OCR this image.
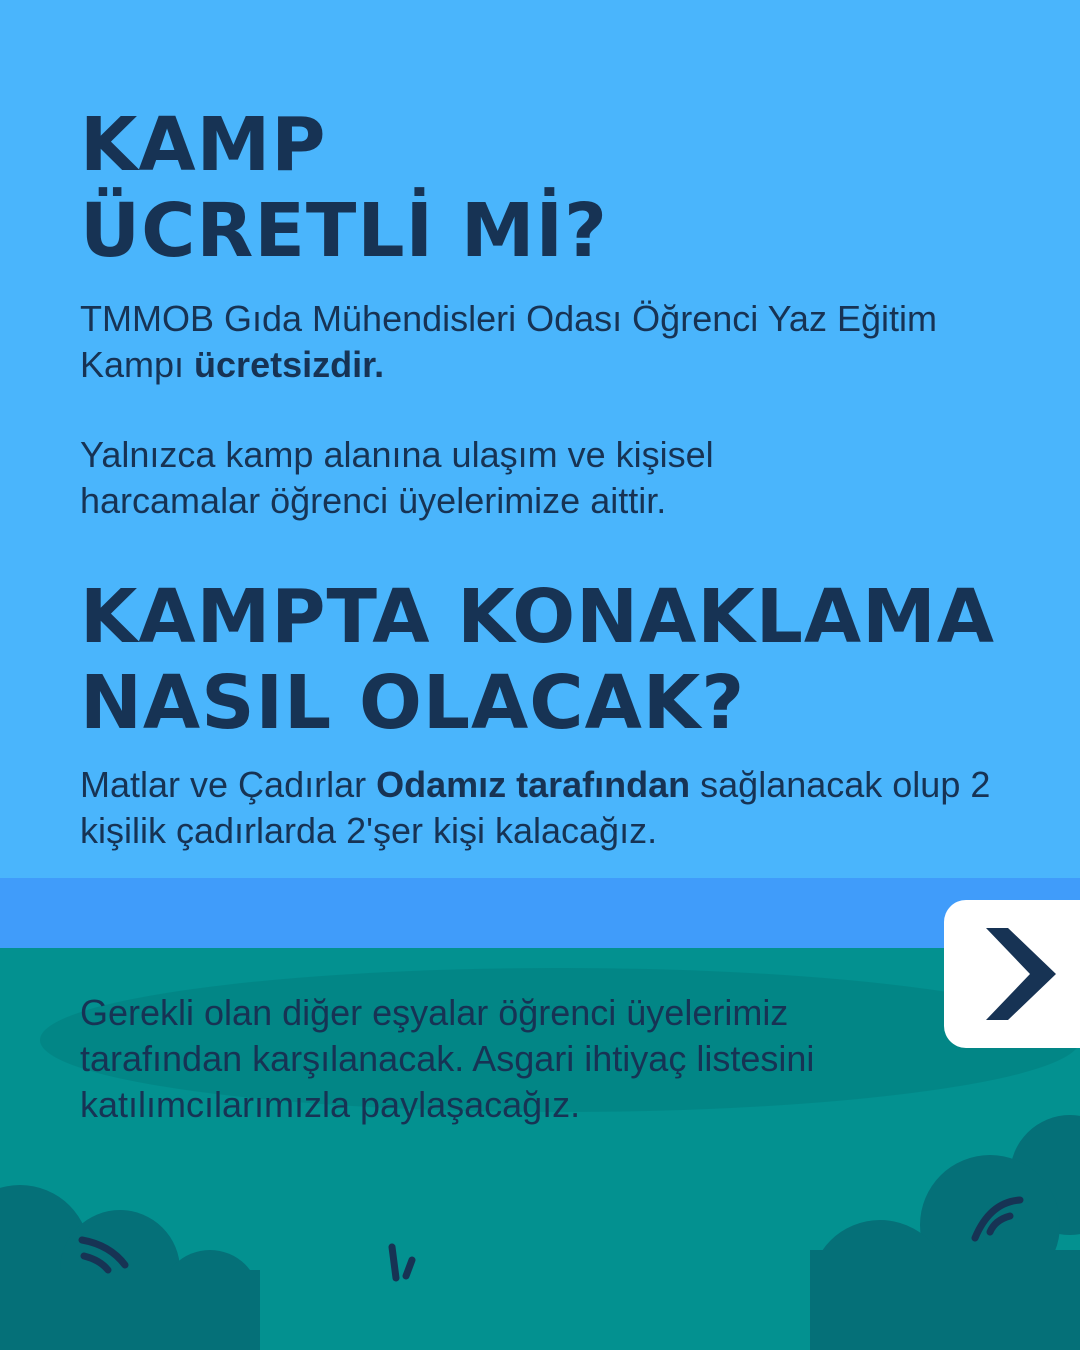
KAMP
ÜCRETLİ Mİ?

TMMOB Gıda Mühendisleri Odası Öğrenci Yaz Eğitim Kampı ücretsizdir.

Yalnızca kamp alanına ulaşım ve kişisel harcamalar öğrenci üyelerimize aittir.

KAMPTA KONAKLAMA
NASIL OLACAK?

Matlar ve Çadırlar Odamız tarafından sağlanacak olup 2 kişilik çadırlarda 2'şer kişi kalacağız.

Gerekli olan diğer eşyalar öğrenci üyelerimiz tarafından karşılanacak. Asgari ihtiyaç listesini katılımcılarımızla paylaşacağız.
